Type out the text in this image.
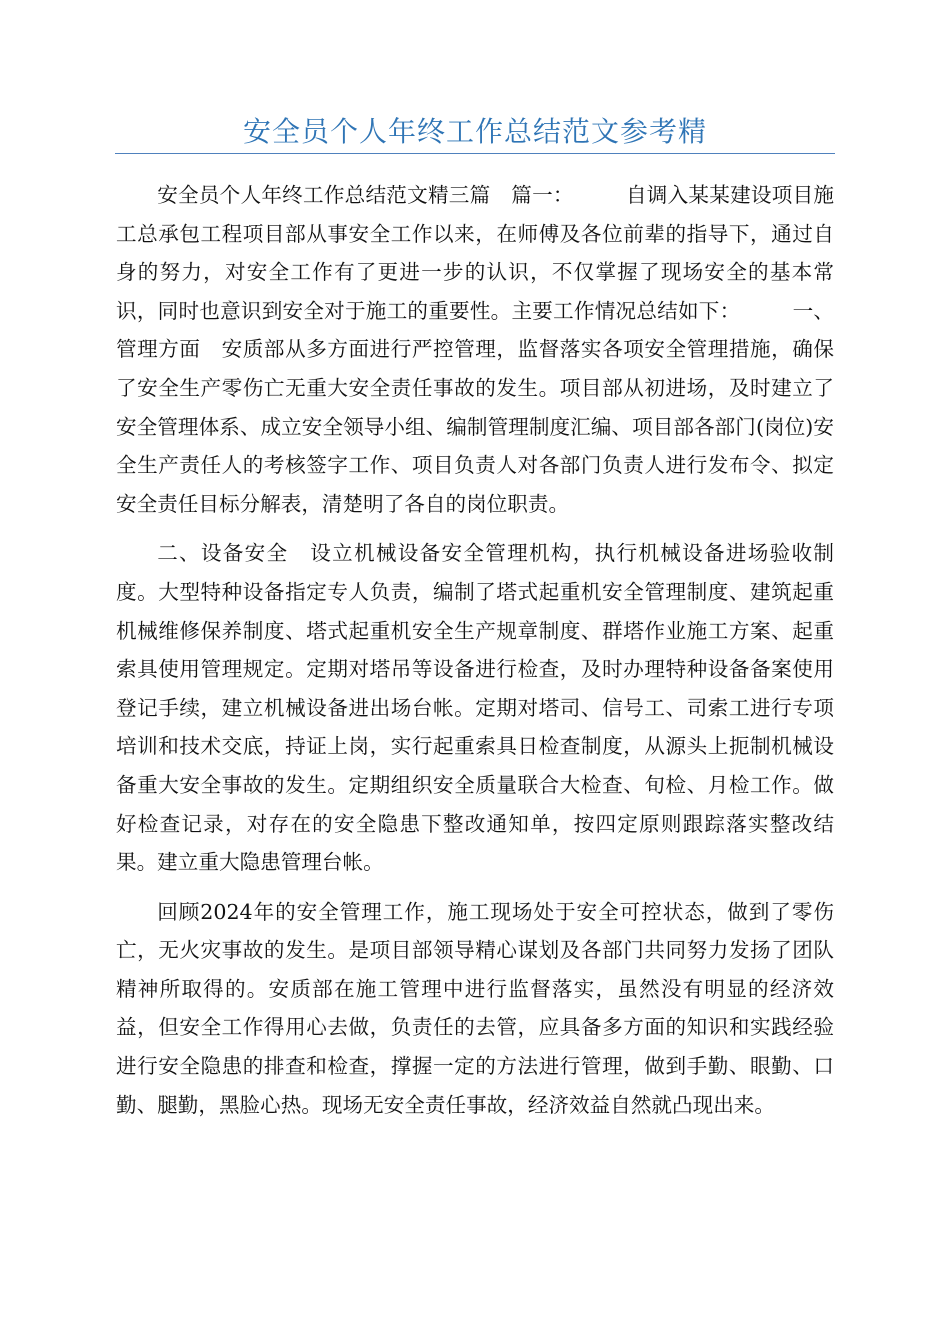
安全员个人年终工作总结范文参考精

安全员个人年终工作总结范文精三篇　篇一：　　　自调入某某建设项目施工总承包工程项目部从事安全工作以来，在师傅及各位前辈的指导下，通过自身的努力，对安全工作有了更进一步的认识，不仅掌握了现场安全的基本常识，同时也意识到安全对于施工的重要性。主要工作情况总结如下：　　　一、管理方面　安质部从多方面进行严控管理，监督落实各项安全管理措施，确保了安全生产零伤亡无重大安全责任事故的发生。项目部从初进场，及时建立了安全管理体系、成立安全领导小组、编制管理制度汇编、项目部各部门(岗位)安全生产责任人的考核签字工作、项目负责人对各部门负责人进行发布令、拟定安全责任目标分解表，清楚明了各自的岗位职责。

二、设备安全　设立机械设备安全管理机构，执行机械设备进场验收制度。大型特种设备指定专人负责，编制了塔式起重机安全管理制度、建筑起重机械维修保养制度、塔式起重机安全生产规章制度、群塔作业施工方案、起重索具使用管理规定。定期对塔吊等设备进行检查，及时办理特种设备备案使用登记手续，建立机械设备进出场台帐。定期对塔司、信号工、司索工进行专项培训和技术交底，持证上岗，实行起重索具日检查制度，从源头上扼制机械设备重大安全事故的发生。定期组织安全质量联合大检查、旬检、月检工作。做好检查记录，对存在的安全隐患下整改通知单，按四定原则跟踪落实整改结果。建立重大隐患管理台帐。

回顾2024年的安全管理工作，施工现场处于安全可控状态，做到了零伤亡，无火灾事故的发生。是项目部领导精心谋划及各部门共同努力发扬了团队精神所取得的。安质部在施工管理中进行监督落实，虽然没有明显的经济效益，但安全工作得用心去做，负责任的去管，应具备多方面的知识和实践经验进行安全隐患的排查和检查，撑握一定的方法进行管理，做到手勤、眼勤、口勤、腿勤，黑脸心热。现场无安全责任事故，经济效益自然就凸现出来。
